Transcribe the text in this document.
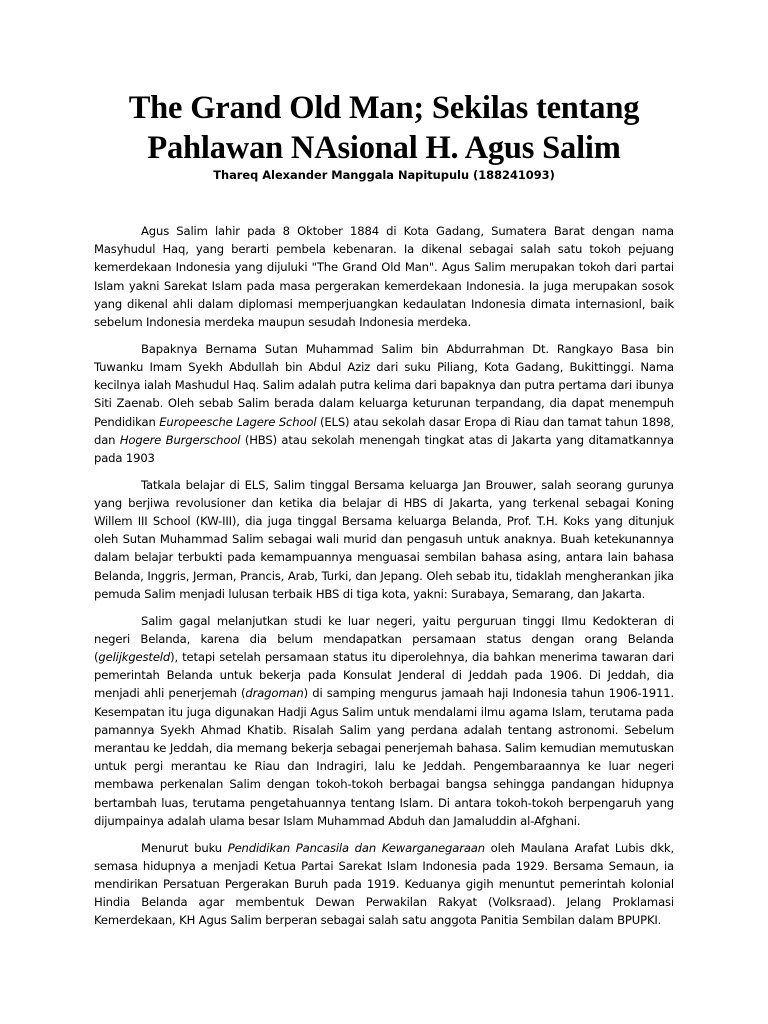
The Grand Old Man; Sekilas tentang
Pahlawan NAsional H. Agus Salim

Thareq Alexander Manggala Napitupulu (188241093)

Agus Salim lahir pada 8 Oktober 1884 di Kota Gadang, Sumatera Barat dengan nama Masyhudul Haq, yang berarti pembela kebenaran. Ia dikenal sebagai salah satu tokoh pejuang kemerdekaan Indonesia yang dijuluki "The Grand Old Man". Agus Salim merupakan tokoh dari partai Islam yakni Sarekat Islam pada masa pergerakan kemerdekaan Indonesia. Ia juga merupakan sosok yang dikenal ahli dalam diplomasi memperjuangkan kedaulatan Indonesia dimata internasionl, baik sebelum Indonesia merdeka maupun sesudah Indonesia merdeka.

Bapaknya Bernama Sutan Muhammad Salim bin Abdurrahman Dt. Rangkayo Basa bin Tuwanku Imam Syekh Abdullah bin Abdul Aziz dari suku Piliang, Kota Gadang, Bukittinggi. Nama kecilnya ialah Mashudul Haq. Salim adalah putra kelima dari bapaknya dan putra pertama dari ibunya Siti Zaenab. Oleh sebab Salim berada dalam keluarga keturunan terpandang, dia dapat menempuh Pendidikan Europeesche Lagere School (ELS) atau sekolah dasar Eropa di Riau dan tamat tahun 1898, dan Hogere Burgerschool (HBS) atau sekolah menengah tingkat atas di Jakarta yang ditamatkannya pada 1903

Tatkala belajar di ELS, Salim tinggal Bersama keluarga Jan Brouwer, salah seorang gurunya yang berjiwa revolusioner dan ketika dia belajar di HBS di Jakarta, yang terkenal sebagai Koning Willem III School (KW-III), dia juga tinggal Bersama keluarga Belanda, Prof. T.H. Koks yang ditunjuk oleh Sutan Muhammad Salim sebagai wali murid dan pengasuh untuk anaknya. Buah ketekunannya dalam belajar terbukti pada kemampuannya menguasai sembilan bahasa asing, antara lain bahasa Belanda, Inggris, Jerman, Prancis, Arab, Turki, dan Jepang. Oleh sebab itu, tidaklah mengherankan jika pemuda Salim menjadi lulusan terbaik HBS di tiga kota, yakni: Surabaya, Semarang, dan Jakarta.

Salim gagal melanjutkan studi ke luar negeri, yaitu perguruan tinggi Ilmu Kedokteran di negeri Belanda, karena dia belum mendapatkan persamaan status dengan orang Belanda (gelijkgesteld), tetapi setelah persamaan status itu diperolehnya, dia bahkan menerima tawaran dari pemerintah Belanda untuk bekerja pada Konsulat Jenderal di Jeddah pada 1906. Di Jeddah, dia menjadi ahli penerjemah (dragoman) di samping mengurus jamaah haji Indonesia tahun 1906-1911. Kesempatan itu juga digunakan Hadji Agus Salim untuk mendalami ilmu agama Islam, terutama pada pamannya Syekh Ahmad Khatib. Risalah Salim yang perdana adalah tentang astronomi. Sebelum merantau ke Jeddah, dia memang bekerja sebagai penerjemah bahasa. Salim kemudian memutuskan untuk pergi merantau ke Riau dan Indragiri, lalu ke Jeddah. Pengembaraannya ke luar negeri membawa perkenalan Salim dengan tokoh-tokoh berbagai bangsa sehingga pandangan hidupnya bertambah luas, terutama pengetahuannya tentang Islam. Di antara tokoh-tokoh berpengaruh yang dijumpainya adalah ulama besar Islam Muhammad Abduh dan Jamaluddin al-Afghani.

Menurut buku Pendidikan Pancasila dan Kewarganegaraan oleh Maulana Arafat Lubis dkk, semasa hidupnya a menjadi Ketua Partai Sarekat Islam Indonesia pada 1929. Bersama Semaun, ia mendirikan Persatuan Pergerakan Buruh pada 1919. Keduanya gigih menuntut pemerintah kolonial Hindia Belanda agar membentuk Dewan Perwakilan Rakyat (Volksraad). Jelang Proklamasi Kemerdekaan, KH Agus Salim berperan sebagai salah satu anggota Panitia Sembilan dalam BPUPKI.
